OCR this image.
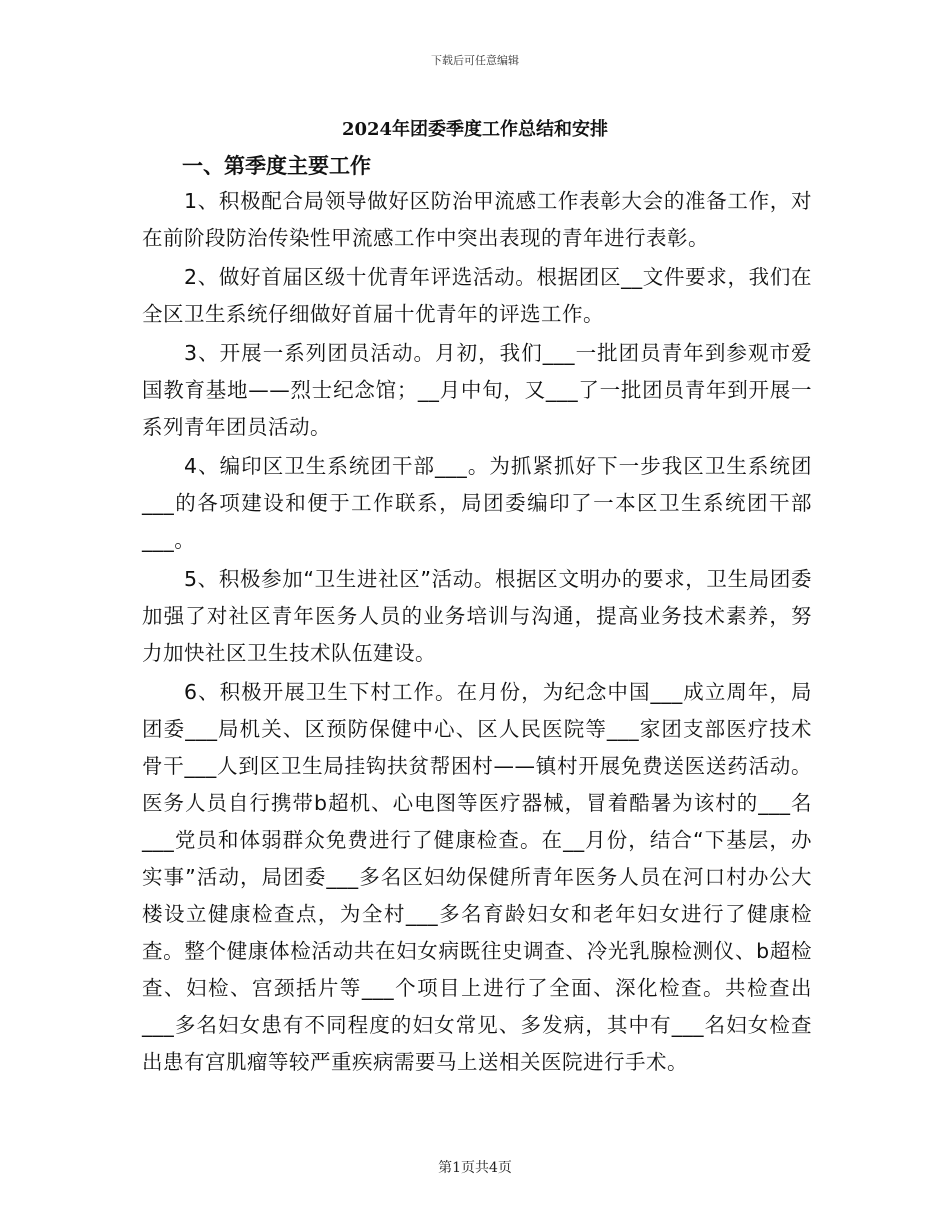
下载后可任意编辑
2024年团委季度工作总结和安排
一、第季度主要工作

1、积极配合局领导做好区防治甲流感工作表彰大会的准备工作，对在前阶段防治传染性甲流感工作中突出表现的青年进行表彰。

2、做好首届区级十优青年评选活动。根据团区__文件要求，我们在全区卫生系统仔细做好首届十优青年的评选工作。

3、开展一系列团员活动。月初，我们___一批团员青年到参观市爱国教育基地——烈士纪念馆；__月中旬，又___了一批团员青年到开展一系列青年团员活动。

4、编印区卫生系统团干部___。为抓紧抓好下一步我区卫生系统团___的各项建设和便于工作联系，局团委编印了一本区卫生系统团干部___。

5、积极参加“卫生进社区”活动。根据区文明办的要求，卫生局团委加强了对社区青年医务人员的业务培训与沟通，提高业务技术素养，努力加快社区卫生技术队伍建设。

6、积极开展卫生下村工作。在月份，为纪念中国___成立周年，局团委___局机关、区预防保健中心、区人民医院等___家团支部医疗技术骨干___人到区卫生局挂钩扶贫帮困村——镇村开展免费送医送药活动。医务人员自行携带b超机、心电图等医疗器械，冒着酷暑为该村的___名___党员和体弱群众免费进行了健康检查。在__月份，结合“下基层，办实事”活动，局团委___多名区妇幼保健所青年医务人员在河口村办公大楼设立健康检查点，为全村___多名育龄妇女和老年妇女进行了健康检查。整个健康体检活动共在妇女病既往史调查、冷光乳腺检测仪、b超检查、妇检、宫颈括片等___个项目上进行了全面、深化检查。共检查出___多名妇女患有不同程度的妇女常见、多发病，其中有___名妇女检查出患有宫肌瘤等较严重疾病需要马上送相关医院进行手术。

第1页共4页
